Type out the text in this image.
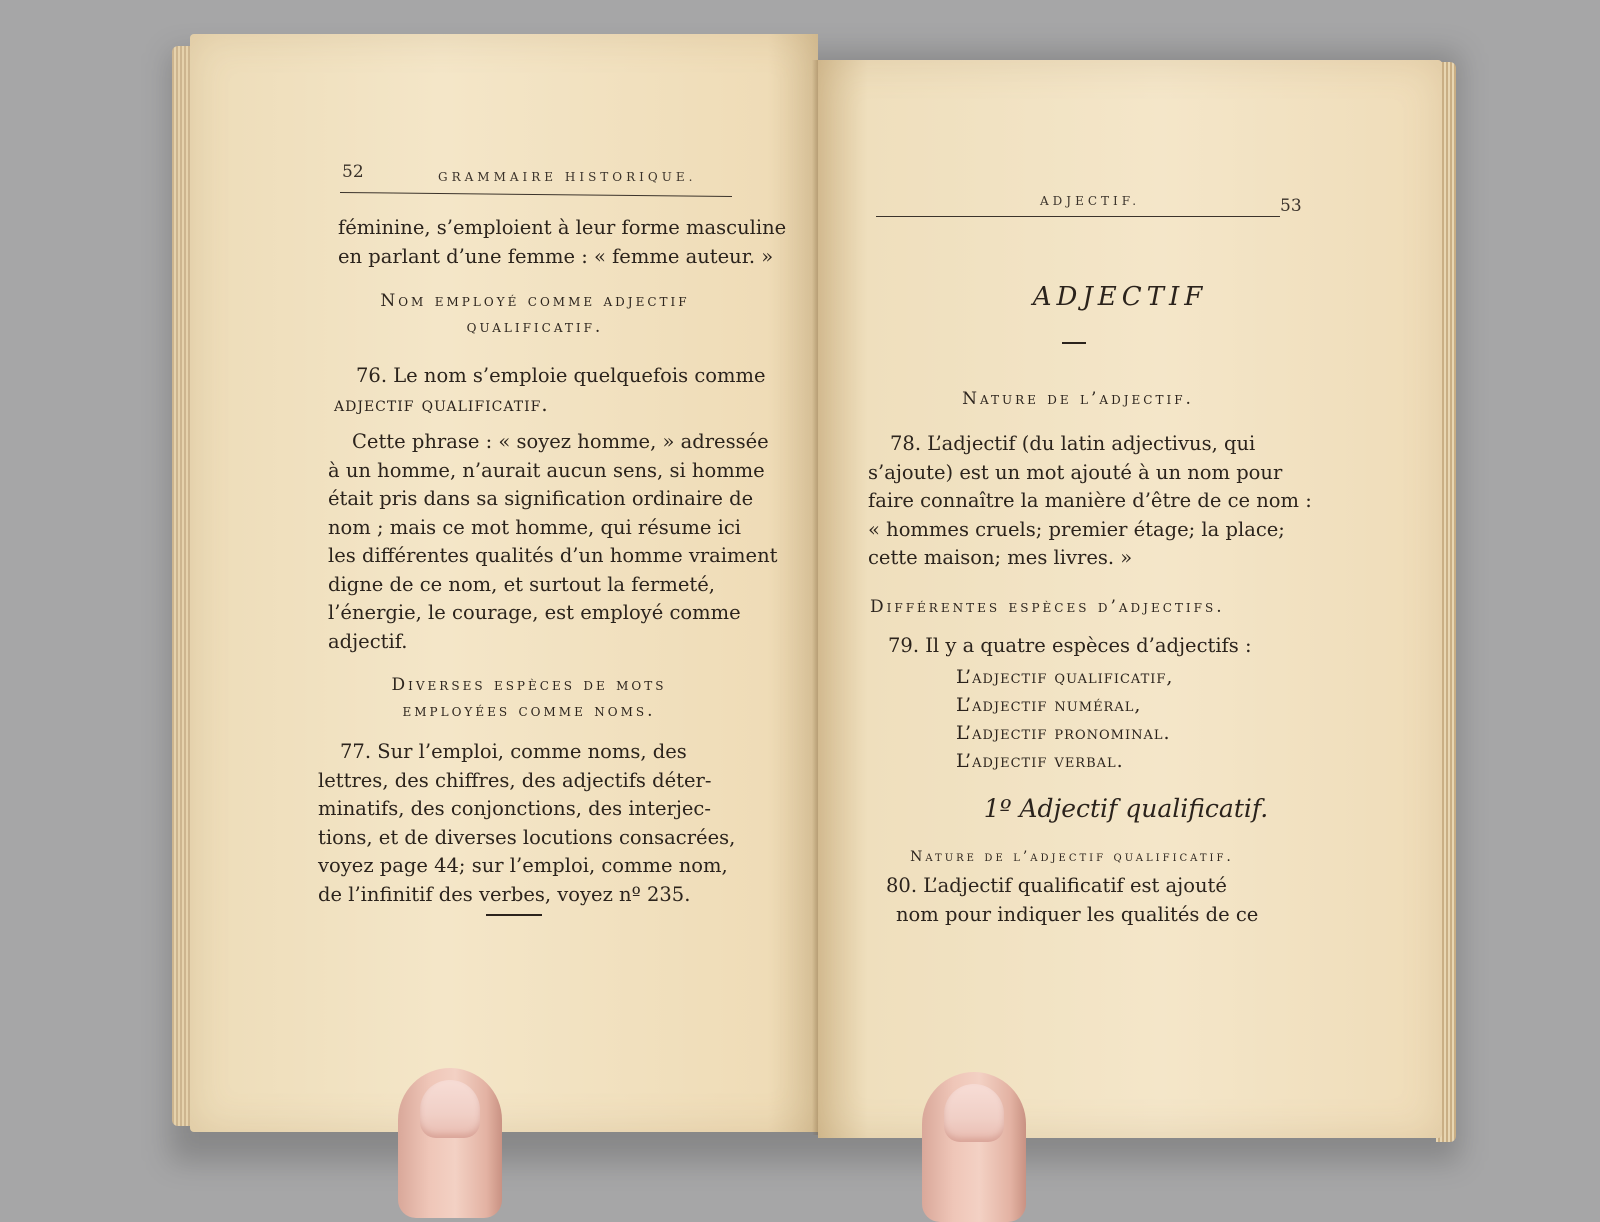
52	GRAMMAIRE HISTORIQUE.
féminine, s’emploient à leur forme masculine
en parlant d’une femme : « femme auteur. »
Nom employé comme adjectif
qualificatif.
76. Le nom s’emploie quelquefois comme
adjectif qualificatif.
Cette phrase : « soyez homme, » adressée
à un homme, n’aurait aucun sens, si homme
était pris dans sa signification ordinaire de
nom ; mais ce mot homme, qui résume ici
les différentes qualités d’un homme vraiment
digne de ce nom, et surtout la fermeté,
l’énergie, le courage, est employé comme
adjectif.
Diverses espèces de mots
employées comme noms.
77. Sur l’emploi, comme noms, des
lettres, des chiffres, des adjectifs déter-
minatifs, des conjonctions, des interjec-
tions, et de diverses locutions consacrées,
voyez page 44; sur l’emploi, comme nom,
de l’infinitif des verbes, voyez nº 235.
ADJECTIF.	53
ADJECTIF
Nature de l’adjectif.
78. L’adjectif (du latin adjectivus, qui
s’ajoute) est un mot ajouté à un nom pour
faire connaître la manière d’être de ce nom :
« hommes cruels; premier étage; la place;
cette maison; mes livres. »
Différentes espèces d’adjectifs.
79. Il y a quatre espèces d’adjectifs :
L’adjectif qualificatif,
L’adjectif numéral,
L’adjectif pronominal.
L’adjectif verbal.
1º Adjectif qualificatif.
Nature de l’adjectif qualificatif.
80. L’adjectif qualificatif est ajouté
nom pour indiquer les qualités de ce
